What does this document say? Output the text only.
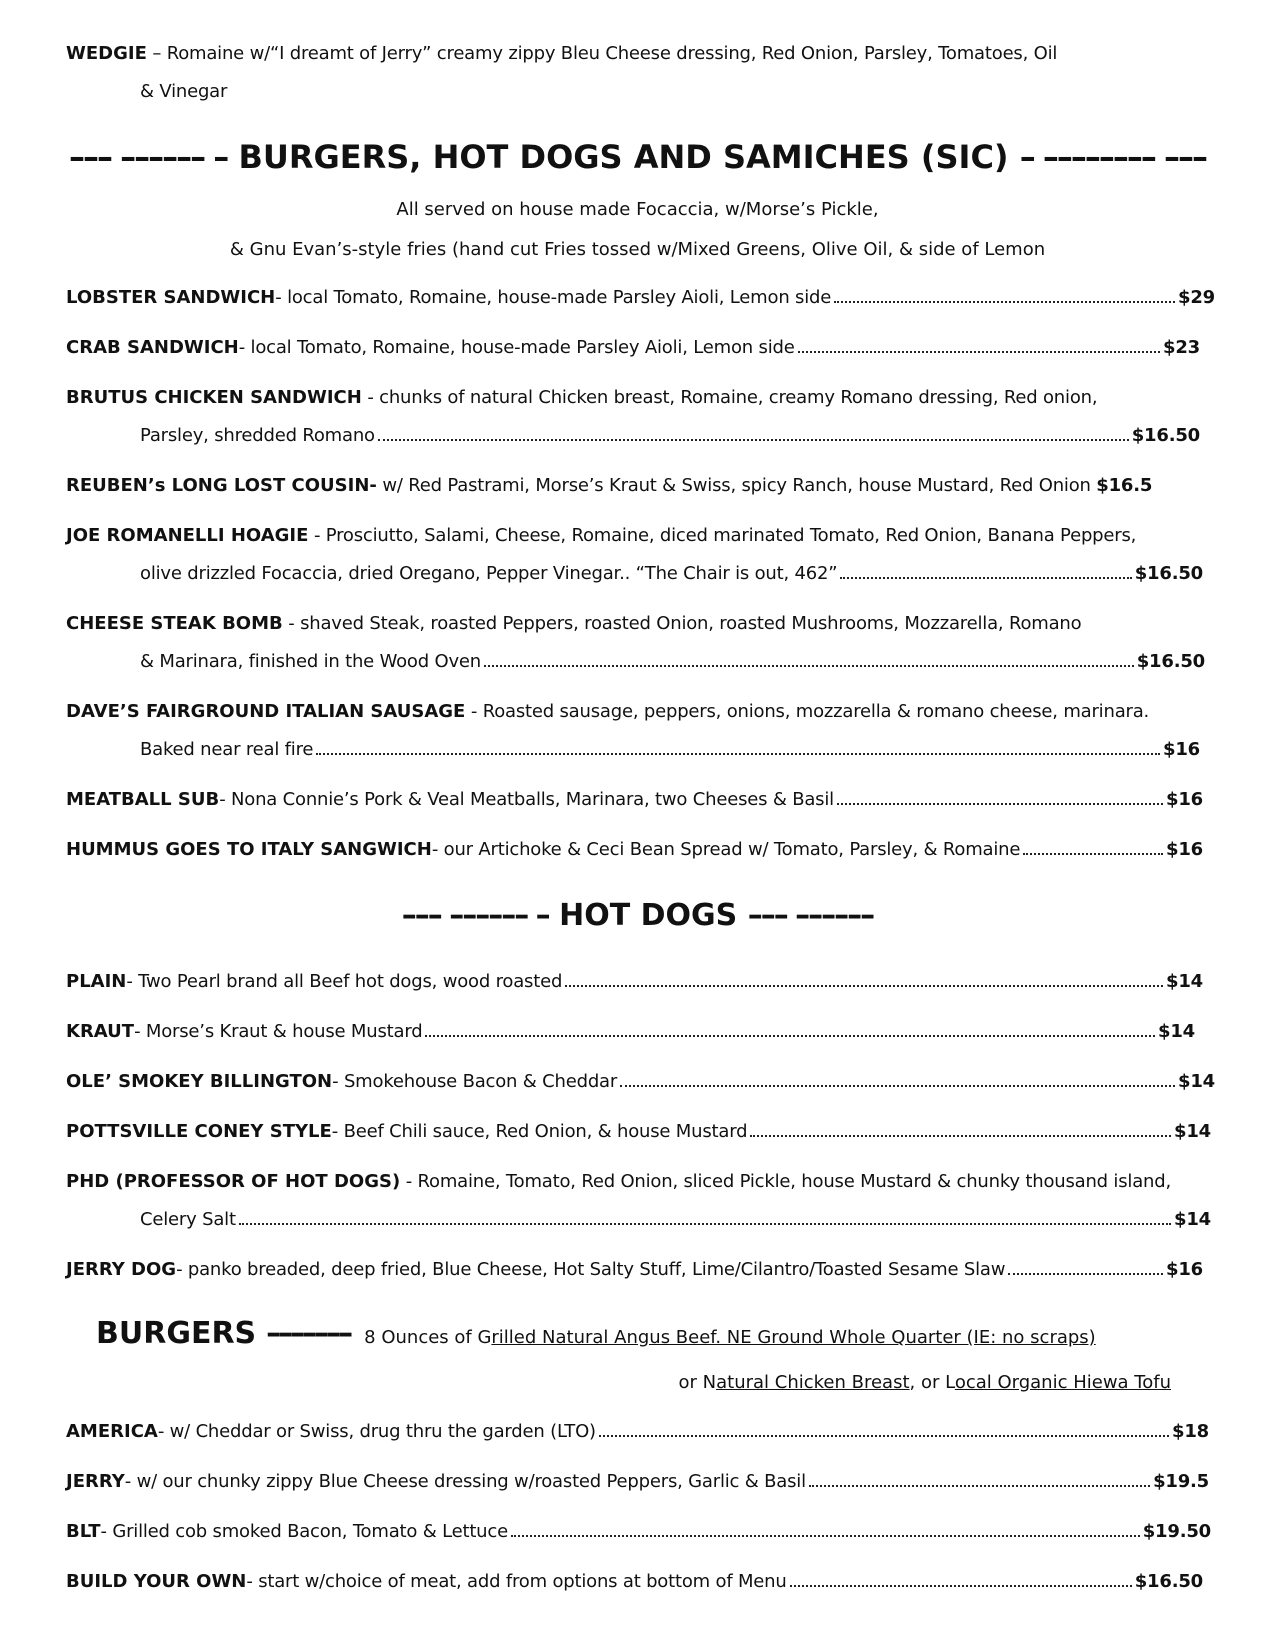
WEDGIE – Romaine w/“I dreamt of Jerry” creamy zippy Bleu Cheese dressing, Red Onion, Parsley, Tomatoes, Oil
& Vinegar
––– –––––– – BURGERS, HOT DOGS AND SAMICHES (SIC) – –––––––– –––
All served on house made Focaccia, w/Morse’s Pickle,
& Gnu Evan’s-style fries (hand cut Fries tossed w/Mixed Greens, Olive Oil, & side of Lemon
LOBSTER SANDWICH - local Tomato, Romaine, house-made Parsley Aioli, Lemon side	$29
CRAB SANDWICH - local Tomato, Romaine, house-made Parsley Aioli, Lemon side	$23
BRUTUS CHICKEN SANDWICH - chunks of natural Chicken breast, Romaine, creamy Romano dressing, Red onion,
Parsley, shredded Romano	$16.50
REUBEN’s LONG LOST COUSIN- w/ Red Pastrami, Morse’s Kraut & Swiss, spicy Ranch, house Mustard, Red Onion $16.5
JOE ROMANELLI HOAGIE - Prosciutto, Salami, Cheese, Romaine, diced marinated Tomato, Red Onion, Banana Peppers,
olive drizzled Focaccia, dried Oregano, Pepper Vinegar.. “The Chair is out, 462”	$16.50
CHEESE STEAK BOMB - shaved Steak, roasted Peppers, roasted Onion, roasted Mushrooms, Mozzarella, Romano
& Marinara, finished in the Wood Oven	$16.50
DAVE’S FAIRGROUND ITALIAN SAUSAGE - Roasted sausage, peppers, onions, mozzarella & romano cheese, marinara.
Baked near real fire	$16
MEATBALL SUB - Nona Connie’s Pork & Veal Meatballs, Marinara, two Cheeses & Basil	$16
HUMMUS GOES TO ITALY SANGWICH - our Artichoke & Ceci Bean Spread w/ Tomato, Parsley, & Romaine	$16
––– –––––– – HOT DOGS ––– ––––––
PLAIN - Two Pearl brand all Beef hot dogs, wood roasted	$14
KRAUT - Morse’s Kraut & house Mustard	$14
OLE’ SMOKEY BILLINGTON - Smokehouse Bacon & Cheddar	$14
POTTSVILLE CONEY STYLE - Beef Chili sauce, Red Onion, & house Mustard	$14
PHD (PROFESSOR OF HOT DOGS) - Romaine, Tomato, Red Onion, sliced Pickle, house Mustard & chunky thousand island,
Celery Salt	$14
JERRY DOG - panko breaded, deep fried, Blue Cheese, Hot Salty Stuff, Lime/Cilantro/Toasted Sesame Slaw	$16
BURGERS ––––––– 8 Ounces of Grilled Natural Angus Beef. NE Ground Whole Quarter (IE: no scraps)
or Natural Chicken Breast, or Local Organic Hiewa Tofu
AMERICA - w/ Cheddar or Swiss, drug thru the garden (LTO)	$18
JERRY - w/ our chunky zippy Blue Cheese dressing w/roasted Peppers, Garlic & Basil	$19.5
BLT - Grilled cob smoked Bacon, Tomato & Lettuce	$19.50
BUILD YOUR OWN - start w/choice of meat, add from options at bottom of Menu	$16.50
